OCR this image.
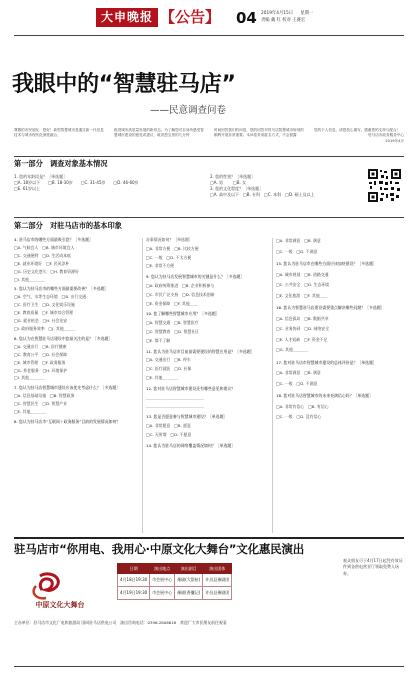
大申晚报 【公告】 04 2019年4月15日 星期一
责编 戴 红 校对 王赛宏
我眼中的“智慧驻马店”
——民意调查问卷
尊敬的市民朋友：您好！新型智慧城市是通过新一代信息技术与城市现代化深度融合，
推进城市高质量发展的新形态。为了解您对自身所感受智慧城市建设的意见或建议，耽误您宝贵的几分钟
时间回答我们的问卷，您的回答对驻马店智慧城市规划的顺利开展非常重要。本问卷采用匿名方式，不会泄露
您的个人信息，请您放心填写。感谢您的支持与配合！
驻马店市政务服务中心
2019年4月
第一部分　调查对象基本情况
1. 您的年龄段是？［单选题］
□A. 18岁以下 □B. 18-30岁 □C. 31-45岁 □D. 46-60岁
□E. 61岁以上
2. 您的性别？［单选题］
□A. 男	□B. 女
3. 您的文化程度？［单选题］
□A. 高中及以下　□B. 专科　□C. 本科　□D. 硕士及以上
第二部分　对驻马店市的基本印象
4. 驻马店市的哪些方面最吸引您？［多选题］
□A. 气候宜人　□B. 城市环境宜人
□C. 交通便利　□D. 生活成本低
□E. 就业环境好　□F. 民风淳朴
□G. 历史文化悠久　□H. 教育资源好
□I. 其他＿＿＿＿
5. 您认为驻马店市的哪些方面最需要改善？［多选题］
□A. 空气、水等生态环境　□B. 出行交通
□C. 医疗卫生　□D. 文化娱乐设施
□E. 教育质量　□F. 城市综合管理
□G. 就业机会　□H. 社会治安
□I. 政府服务效率　□J. 其他＿＿＿
6. 您认为在智慧驻马店建设中您最关注的是？［多选题］
□A. 交通出行　□B. 医疗健康
□C. 教育公平　□D. 社会保障
□E. 城市管理　□F. 政务服务
□G. 养老服务　□H. 环境保护
□I. 其他＿＿＿＿
7. 您认为驻马店智慧城市建设应该优先考虑什么？［多选题］
□A. 信息基础设施　□B. 智慧政务
□C. 智慧民生　□D. 智慧产业
□E. 其他＿＿＿＿
8. 您认为驻马店市“互联网＋政务服务”目前的发展情况如何？
办事情况如何？［单选题］
□A. 非常方便　□B. 比较方便
□C. 一般　□D. 不太方便
□E. 非常不方便
9. 您认为驻马店发展智慧城市的关键是什么？［多选题］
□A. 政府统筹推进　□B. 企业积极参与
□C. 市民广泛支持　□D. 信息技术创新
□E. 资金保障　□F. 其他＿＿
10. 您了解哪些智慧城市应用？［多选题］
□A. 智慧交通　□B. 智慧医疗
□C. 智慧教育　□D. 智慧社区
□E. 都不了解
11. 您认为驻马店市目前最需要建设的智慧应用是？［多选题］
□A. 交通出行　□B. 停车
□C. 医疗就医　□D. 社保
□E. 其他＿＿＿＿
12. 您对驻马店智慧城市建设还有哪些意见和建议？
＿＿＿＿＿＿＿＿＿＿＿＿＿＿＿
＿＿＿＿＿＿＿＿＿＿＿＿＿＿＿
13. 您是否愿意参与智慧城市建设？［单选题］
□A. 非常愿意　□B. 愿意
□C. 无所谓　□D. 不愿意
14. 您认为驻马店的网络覆盖情况如何？［单选题］
□A. 非常满意　□B. 满意
□C. 一般　□D. 不满意
15. 您认为驻马店市在哪些方面应该加快建设？［多选题］
□A. 城市规划　□B. 道路交通
□C. 公共安全　□D. 生态环境
□E. 文化旅游　□F. 其他＿＿
16. 您认为智慧驻马店建设需要重点解决哪些问题？［多选题］
□A. 信息孤岛　□B. 数据共享
□C. 业务协同　□D. 网络安全
□E. 人才短缺　□F. 资金不足
□G. 其他＿＿＿＿
17. 您对驻马店市智慧城市建设的总体评价是？［单选题］
□A. 非常满意　□B. 满意
□C. 一般　□D. 不满意
18. 您对驻马店智慧城市的未来充满信心吗？［单选题］
□A. 非常有信心　□B. 有信心
□C. 一般　□D. 没有信心
驻马店市“你用电、我用心·中原文化大舞台”文化惠民演出
中原文化大舞台
日期	演出地点	演出剧目	演出团体
4月18日19:30	市会展中心	豫剧(大祭桩)	许昌县豫剧团
4月19日19:30	市会展中心	豫剧(香囊记)	许昌县豫剧团
观众朋友可于4月17日起凭有效证件到各供电营业厅领取免费入场券。
主办单位：驻马店市文化广电和旅游局 国网驻马店供电公司　演出咨询电话：0396-2806618　欢迎广大市民朋友前往观看
